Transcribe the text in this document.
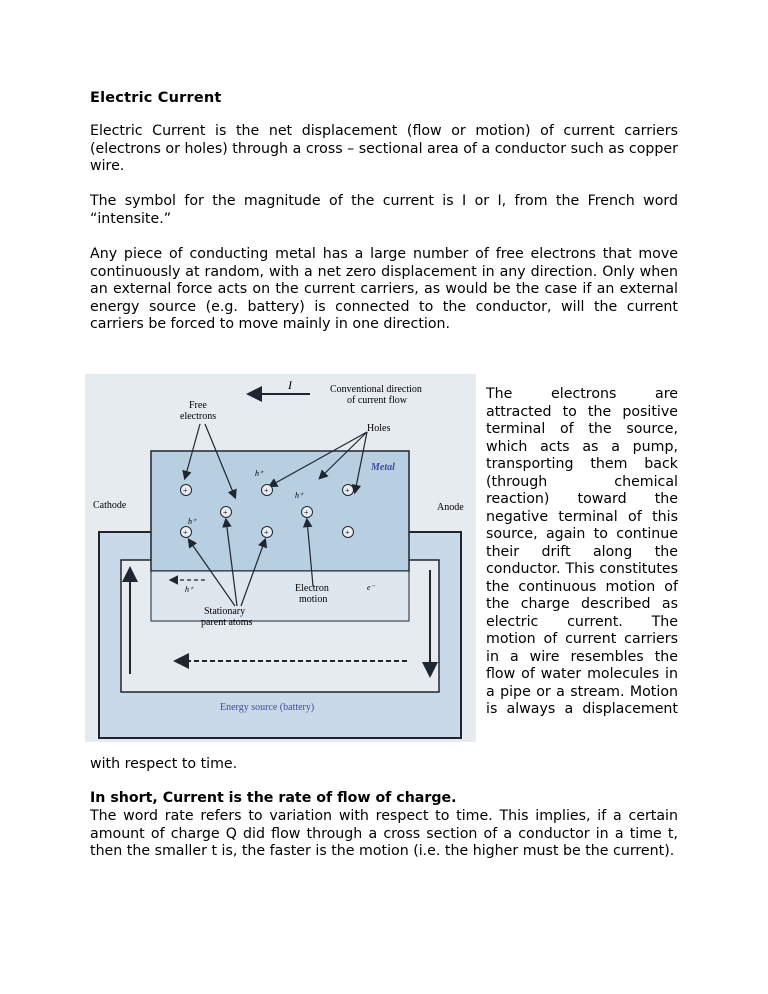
Electric Current
Electric Current is the net displacement (flow or motion) of current carriers (electrons or holes) through a cross – sectional area of a conductor such as copper wire.
The symbol for the magnitude of the current is I or I, from the French word “intensite.”
Any piece of conducting metal has a large number of free electrons that move continuously at random, with a net zero displacement in any direction. Only when an external force acts on the current carriers, as would be the case if an external energy source (e.g. battery) is connected to the conductor, will the current carriers be forced to move mainly in one direction.
I	Conventional direction
of current flow
Free
electrons
Holes
Metal
Cathode	Anode
+
+
+
+
+
+
+
+
h⁺
h⁺
h⁺
Stationary
parent atoms
Electron
motion
h⁺	e⁻
Energy source (battery)
The electrons are attracted to the positive terminal of the source, which acts as a pump, transporting them back (through chemical reaction) toward the negative terminal of this source, again to continue their drift along the conductor. This constitutes the continuous motion of the charge described as electric current. The motion of current carriers in a wire resembles the flow of water molecules in a pipe or a stream. Motion is always a displacement
with respect to time.
In short, Current is the rate of flow of charge.
The word rate refers to variation with respect to time. This implies, if a certain amount of charge Q did flow through a cross section of a conductor in a time t, then the smaller t is, the faster is the motion (i.e. the higher must be the current).
